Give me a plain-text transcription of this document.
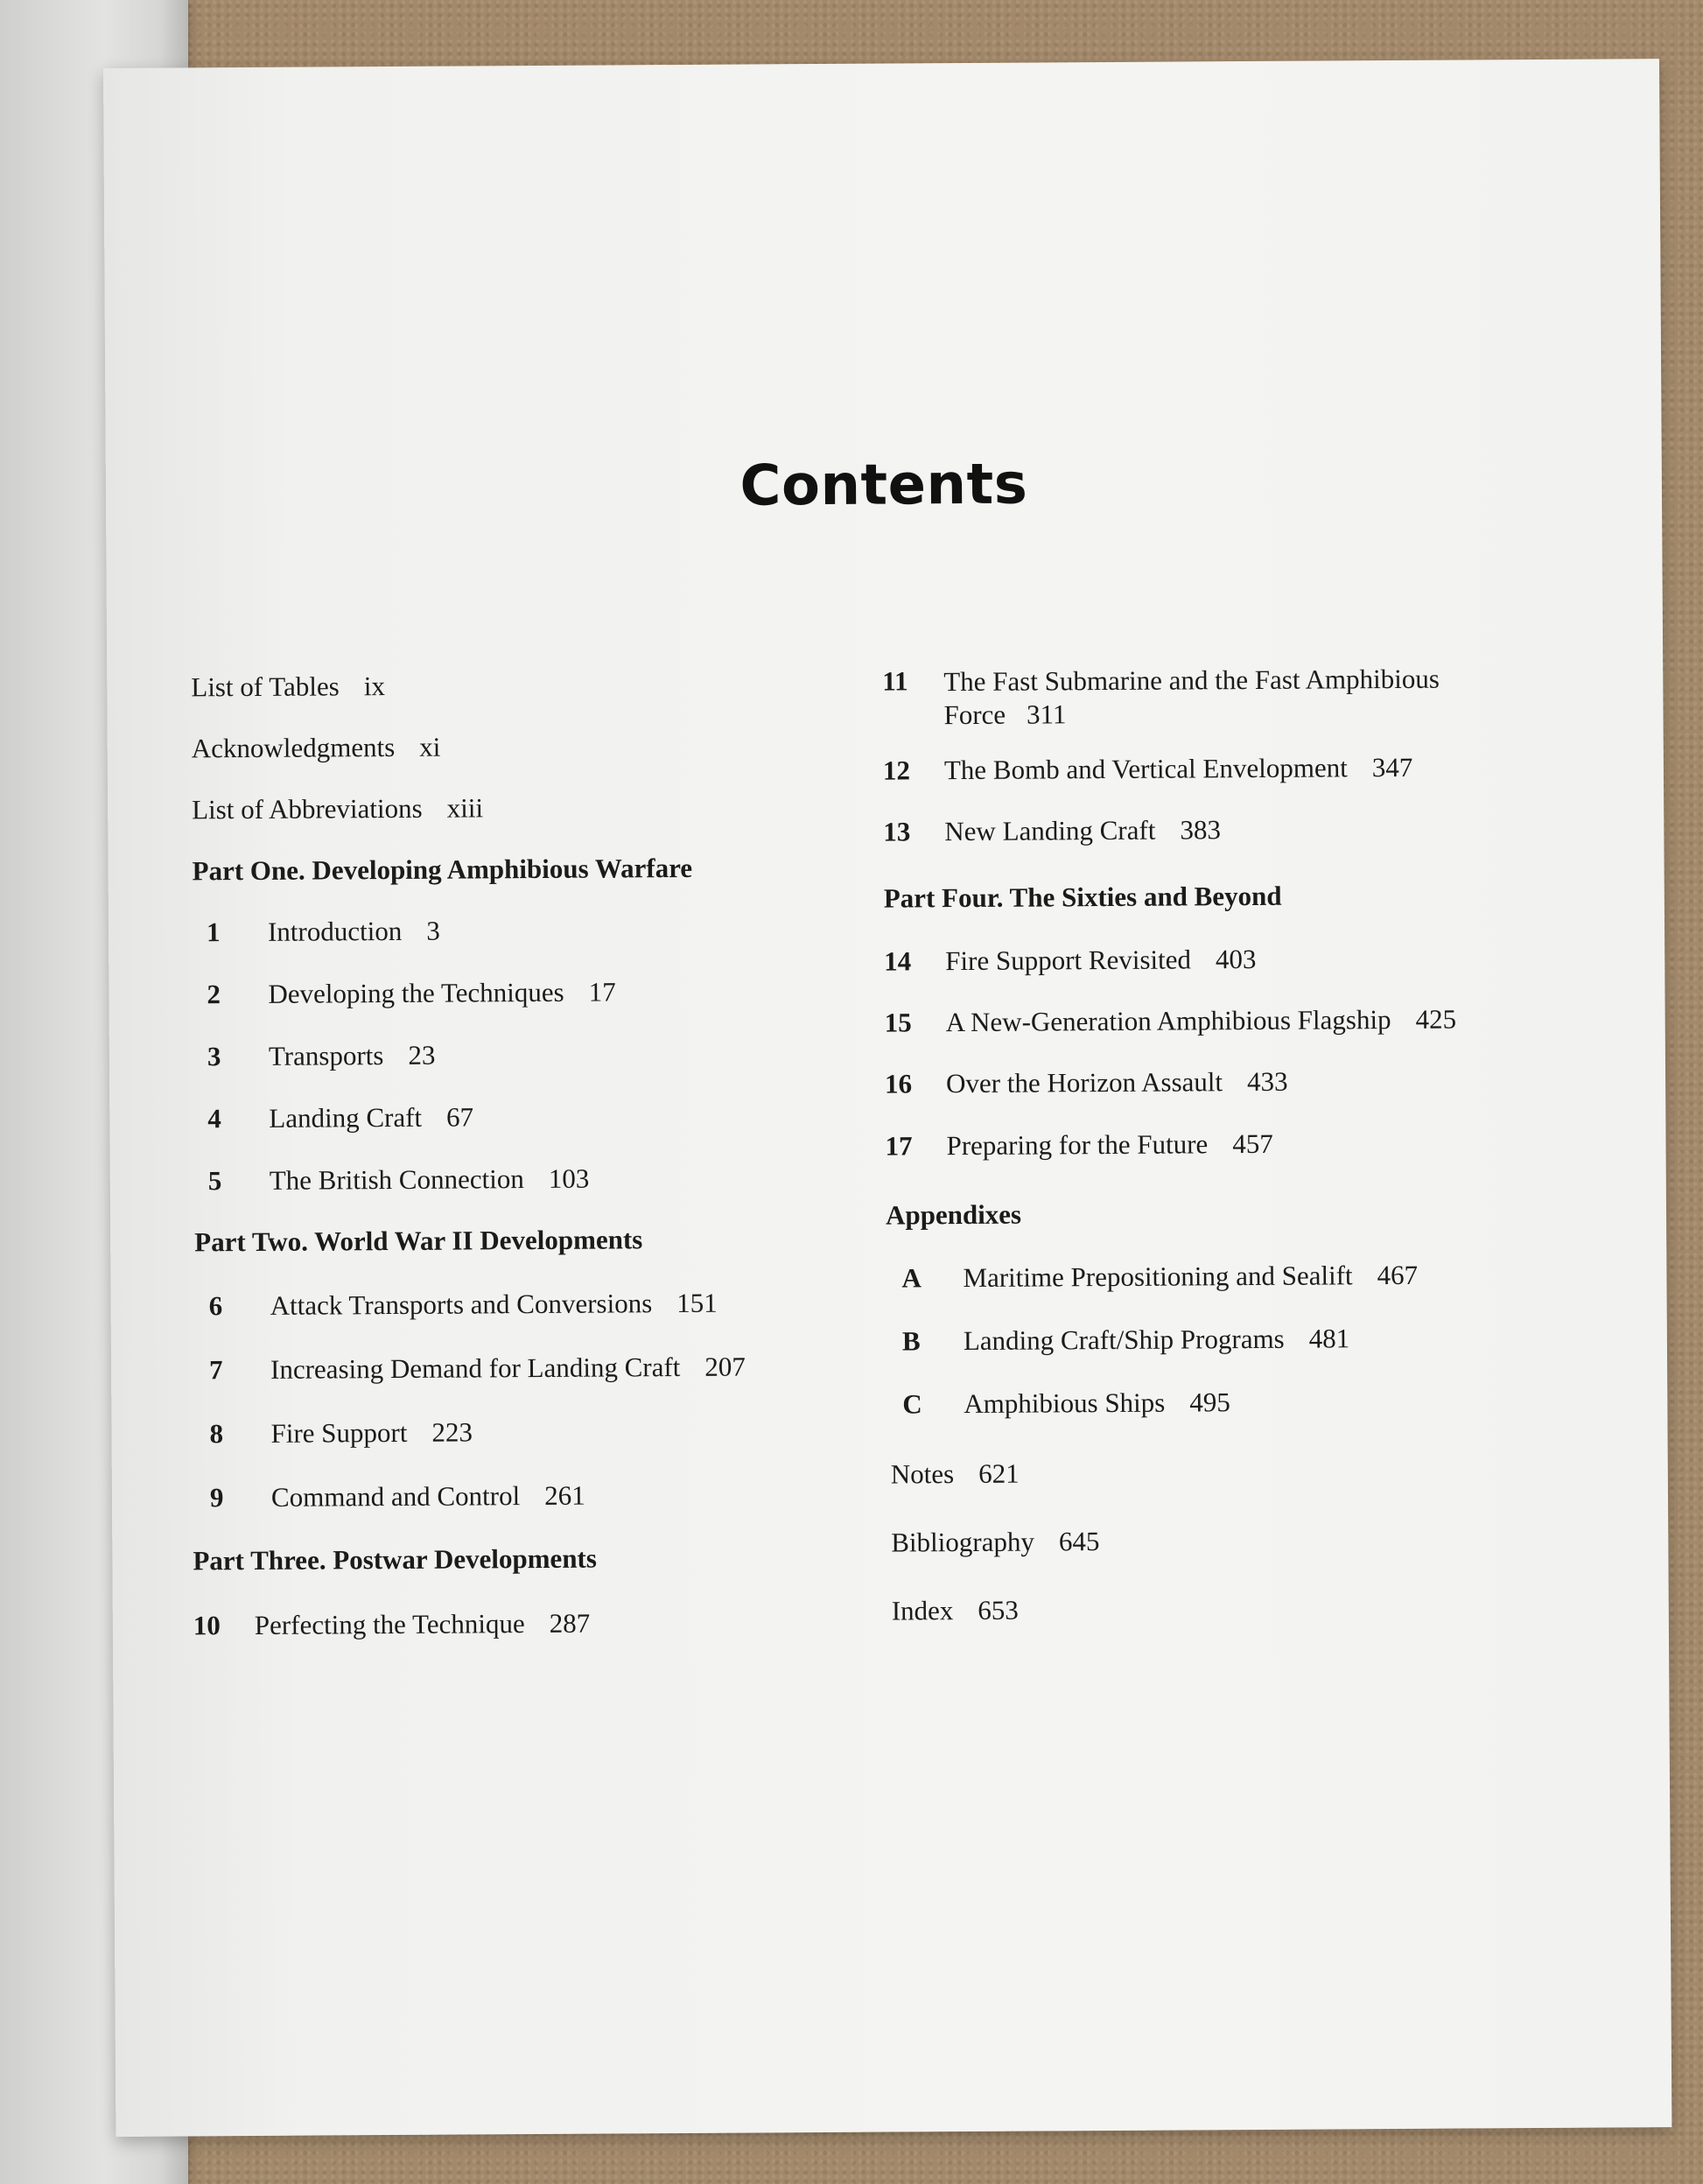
Contents
List of Tables ix
Acknowledgments xi
List of Abbreviations xiii
Part One. Developing Amphibious Warfare
1	Introduction 3
2	Developing the Techniques 17
3	Transports 23
4	Landing Craft 67
5	The British Connection 103
Part Two. World War II Developments
6	Attack Transports and Conversions 151
7	Increasing Demand for Landing Craft 207
8	Fire Support 223
9	Command and Control 261
Part Three. Postwar Developments
10	Perfecting the Technique 287
11	The Fast Submarine and the Fast Amphibious
Force 311
12	The Bomb and Vertical Envelopment 347
13	New Landing Craft 383
Part Four. The Sixties and Beyond
14	Fire Support Revisited 403
15	A New-Generation Amphibious Flagship 425
16	Over the Horizon Assault 433
17	Preparing for the Future 457
Appendixes
A	Maritime Prepositioning and Sealift 467
B	Landing Craft/Ship Programs 481
C	Amphibious Ships 495
Notes 621
Bibliography 645
Index 653
